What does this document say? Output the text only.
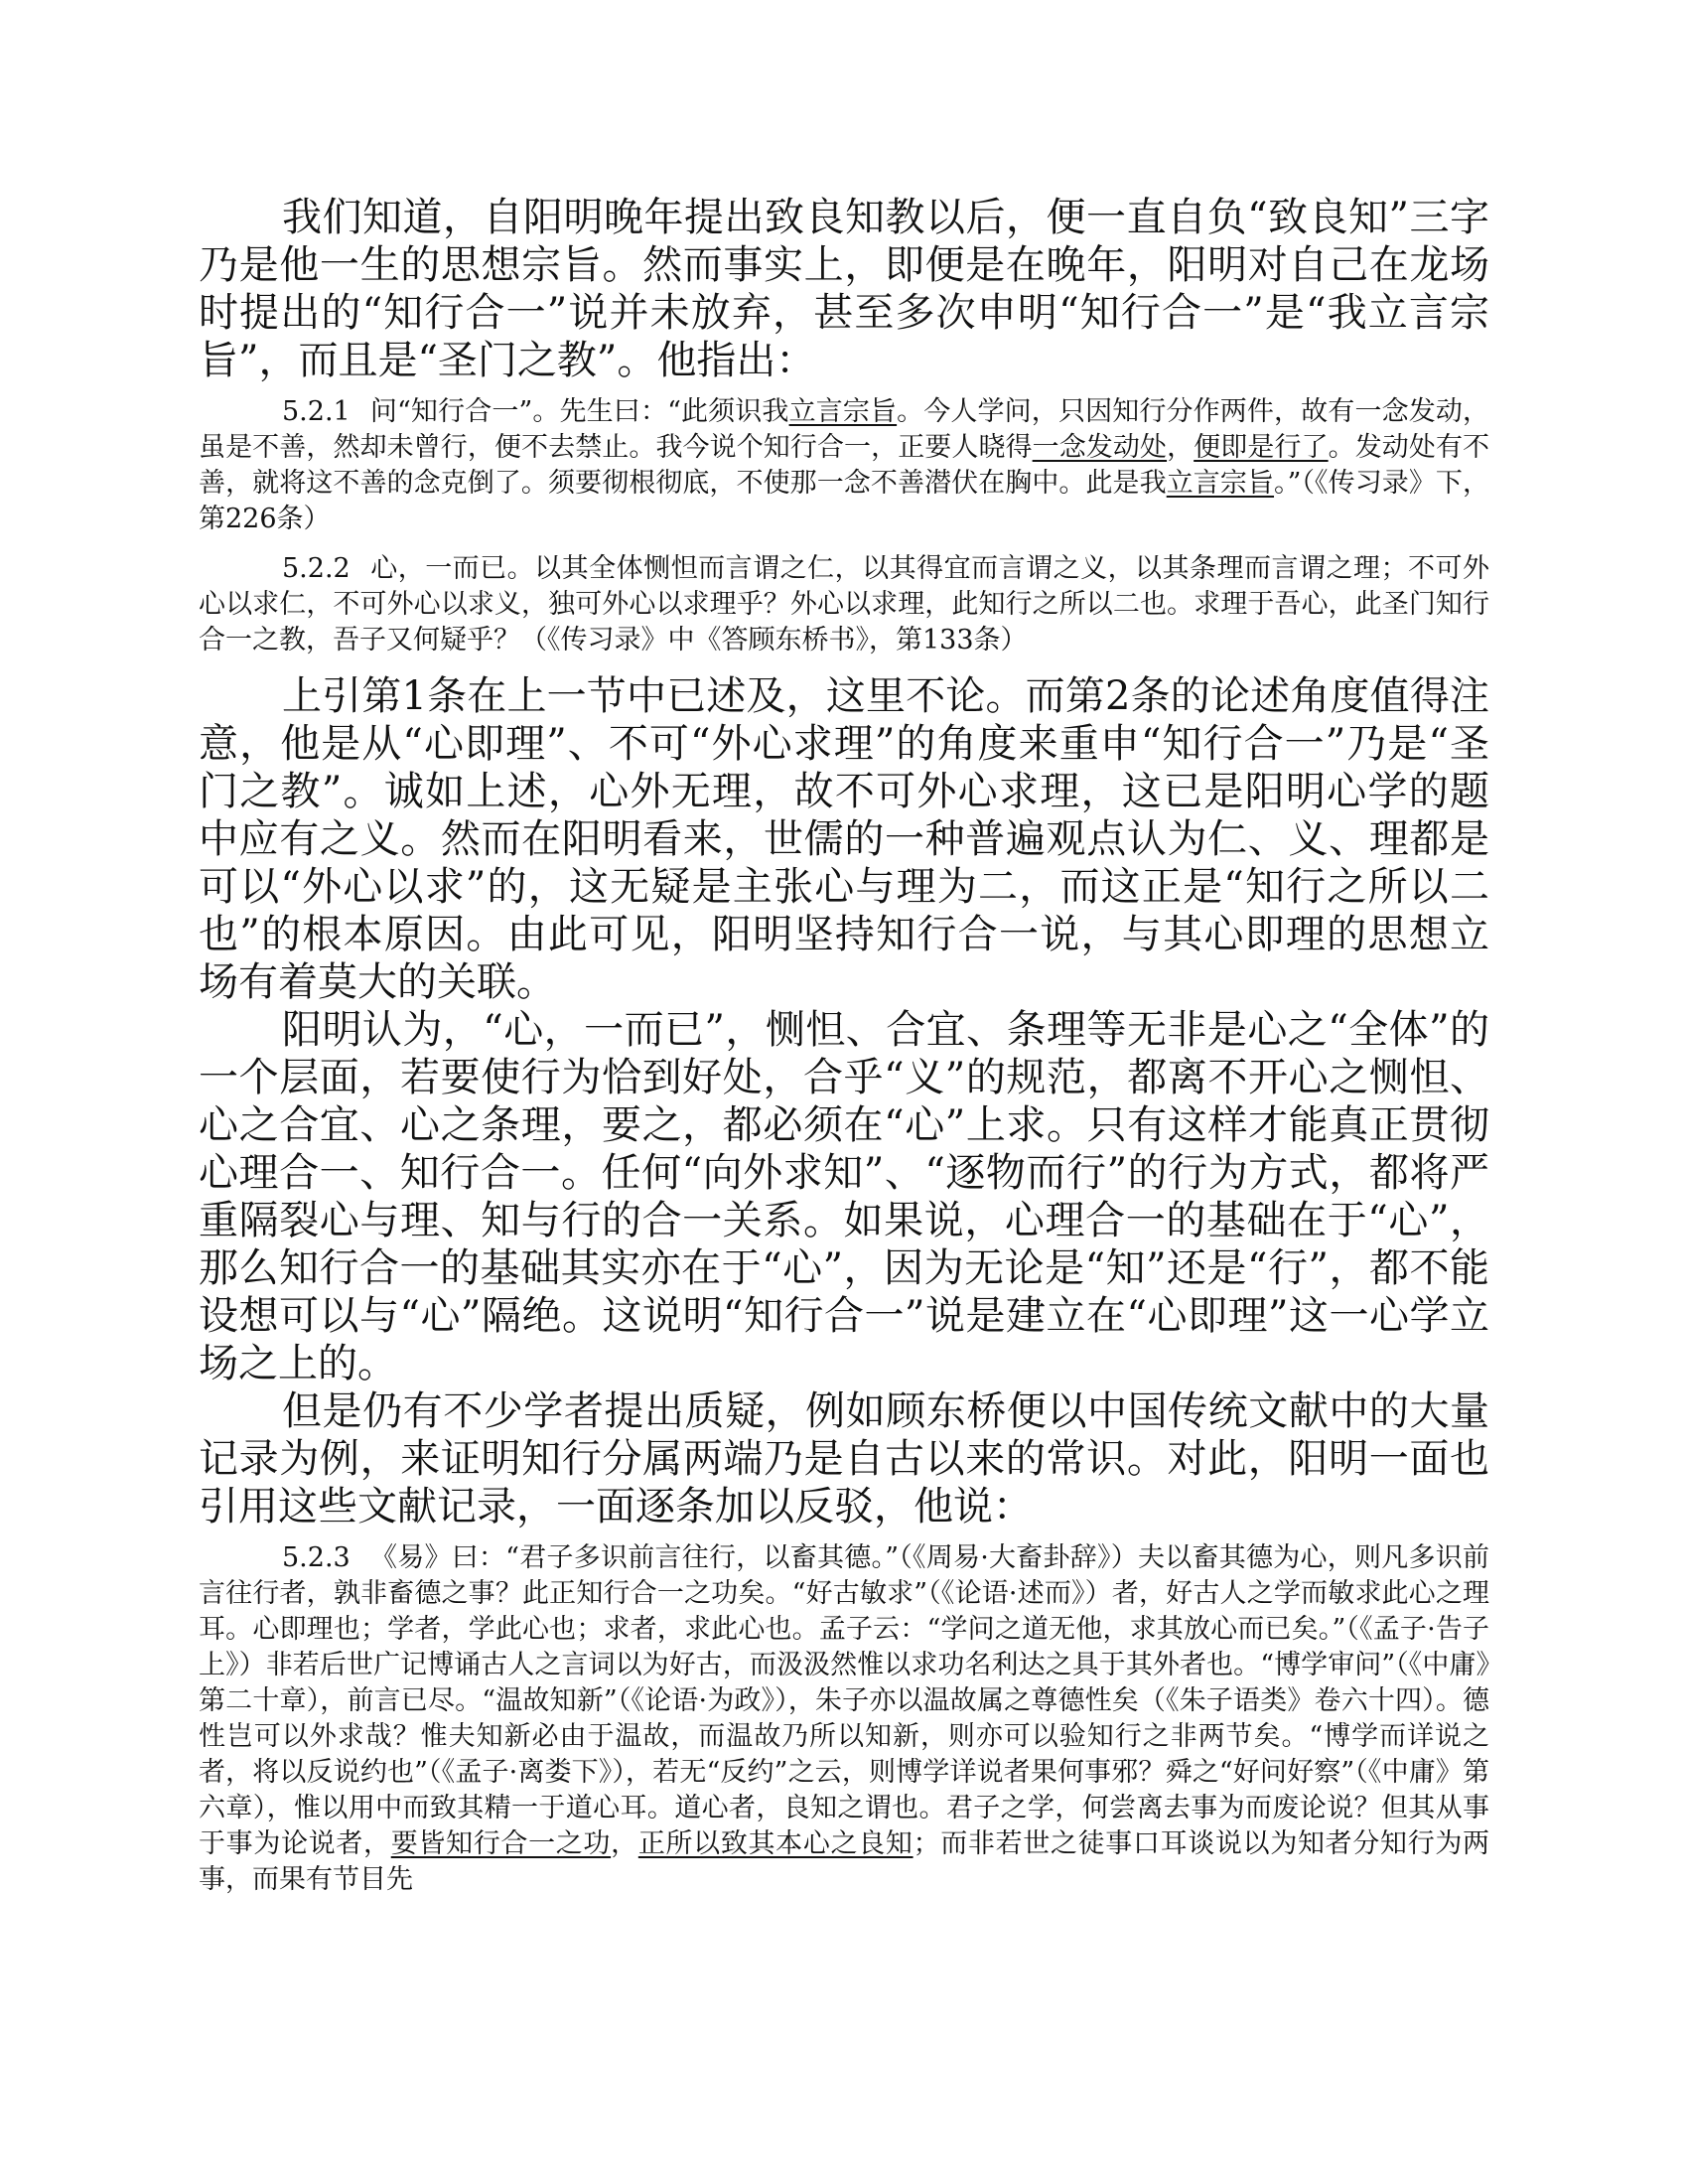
我们知道，自阳明晚年提出致良知教以后，便一直自负“致良知”三字乃是他一生的思想宗旨。然而事实上，即便是在晚年，阳明对自己在龙场时提出的“知行合一”说并未放弃，甚至多次申明“知行合一”是“我立言宗旨”，而且是“圣门之教”。他指出：

5.2.1 问“知行合一”。先生曰：“此须识我立言宗旨。今人学问，只因知行分作两件，故有一念发动，虽是不善，然却未曾行，便不去禁止。我今说个知行合一，正要人晓得一念发动处，便即是行了。发动处有不善，就将这不善的念克倒了。须要彻根彻底，不使那一念不善潜伏在胸中。此是我立言宗旨。”（《传习录》下，第226条）

5.2.2 心，一而已。以其全体恻怛而言谓之仁，以其得宜而言谓之义，以其条理而言谓之理；不可外心以求仁，不可外心以求义，独可外心以求理乎？外心以求理，此知行之所以二也。求理于吾心，此圣门知行合一之教，吾子又何疑乎？（《传习录》中《答顾东桥书》，第133条）

上引第1条在上一节中已述及，这里不论。而第2条的论述角度值得注意，他是从“心即理”、不可“外心求理”的角度来重申“知行合一”乃是“圣门之教”。诚如上述，心外无理，故不可外心求理，这已是阳明心学的题中应有之义。然而在阳明看来，世儒的一种普遍观点认为仁、义、理都是可以“外心以求”的，这无疑是主张心与理为二，而这正是“知行之所以二也”的根本原因。由此可见，阳明坚持知行合一说，与其心即理的思想立场有着莫大的关联。

阳明认为，“心，一而已”，恻怛、合宜、条理等无非是心之“全体”的一个层面，若要使行为恰到好处，合乎“义”的规范，都离不开心之恻怛、心之合宜、心之条理，要之，都必须在“心”上求。只有这样才能真正贯彻心理合一、知行合一。任何“向外求知”、“逐物而行”的行为方式，都将严重隔裂心与理、知与行的合一关系。如果说，心理合一的基础在于“心”，那么知行合一的基础其实亦在于“心”，因为无论是“知”还是“行”，都不能设想可以与“心”隔绝。这说明“知行合一”说是建立在“心即理”这一心学立场之上的。

但是仍有不少学者提出质疑，例如顾东桥便以中国传统文献中的大量记录为例，来证明知行分属两端乃是自古以来的常识。对此，阳明一面也引用这些文献记录，一面逐条加以反驳，他说：

5.2.3 《易》曰：“君子多识前言往行，以畜其德。”（《周易·大畜卦辞》）夫以畜其德为心，则凡多识前言往行者，孰非畜德之事？此正知行合一之功矣。“好古敏求”（《论语·述而》）者，好古人之学而敏求此心之理耳。心即理也；学者，学此心也；求者，求此心也。孟子云：“学问之道无他，求其放心而已矣。”（《孟子·告子上》）非若后世广记博诵古人之言词以为好古，而汲汲然惟以求功名利达之具于其外者也。“博学审问”（《中庸》第二十章），前言已尽。“温故知新”（《论语·为政》），朱子亦以温故属之尊德性矣（《朱子语类》卷六十四）。德性岂可以外求哉？惟夫知新必由于温故，而温故乃所以知新，则亦可以验知行之非两节矣。“博学而详说之者，将以反说约也”（《孟子·离娄下》），若无“反约”之云，则博学详说者果何事邪？舜之“好问好察”（《中庸》第六章），惟以用中而致其精一于道心耳。道心者，良知之谓也。君子之学，何尝离去事为而废论说？但其从事于事为论说者，要皆知行合一之功，正所以致其本心之良知；而非若世之徒事口耳谈说以为知者分知行为两事，而果有节目先
